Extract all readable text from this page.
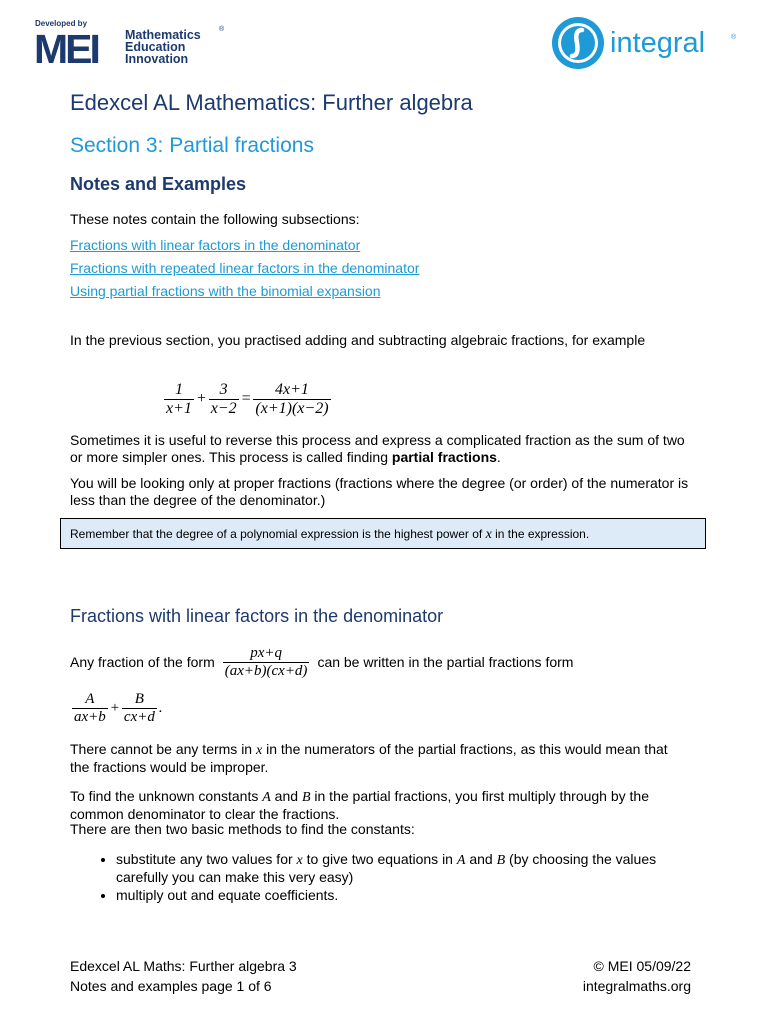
Developed by
MEI Mathematics
Education
Innovation
®	integral	®
Edexcel AL Mathematics: Further algebra
Section 3: Partial fractions
Notes and Examples
These notes contain the following subsections:
Fractions with linear factors in the denominator
Fractions with repeated linear factors in the denominator
Using partial fractions with the binomial expansion
In the previous section, you practised adding and subtracting algebraic fractions, for example
$\frac{1}{x+1} + \frac{3}{x-2} = \frac{4x+1}{(x+1)(x-2)}$
Sometimes it is useful to reverse this process and express a complicated fraction as the sum of two or more simpler ones. This process is called finding partial fractions.
You will be looking only at proper fractions (fractions where the degree (or order) of the numerator is less than the degree of the denominator.)
Remember that the degree of a polynomial expression is the highest power of x in the expression.
Fractions with linear factors in the denominator
Any fraction of the form $\frac{px+q}{(ax+b)(cx+d)}$ can be written in the partial fractions form
$\frac{A}{ax+b} + \frac{B}{cx+d}$ .
There cannot be any terms in x in the numerators of the partial fractions, as this would mean that the fractions would be improper.
To find the unknown constants A and B in the partial fractions, you first multiply through by the common denominator to clear the fractions.
There are then two basic methods to find the constants:
• substitute any two values for x to give two equations in A and B (by choosing the values carefully you can make this very easy)
• multiply out and equate coefficients.
Edexcel AL Maths: Further algebra 3
Notes and examples page 1 of 6
© MEI 05/09/22
integralmaths.org
